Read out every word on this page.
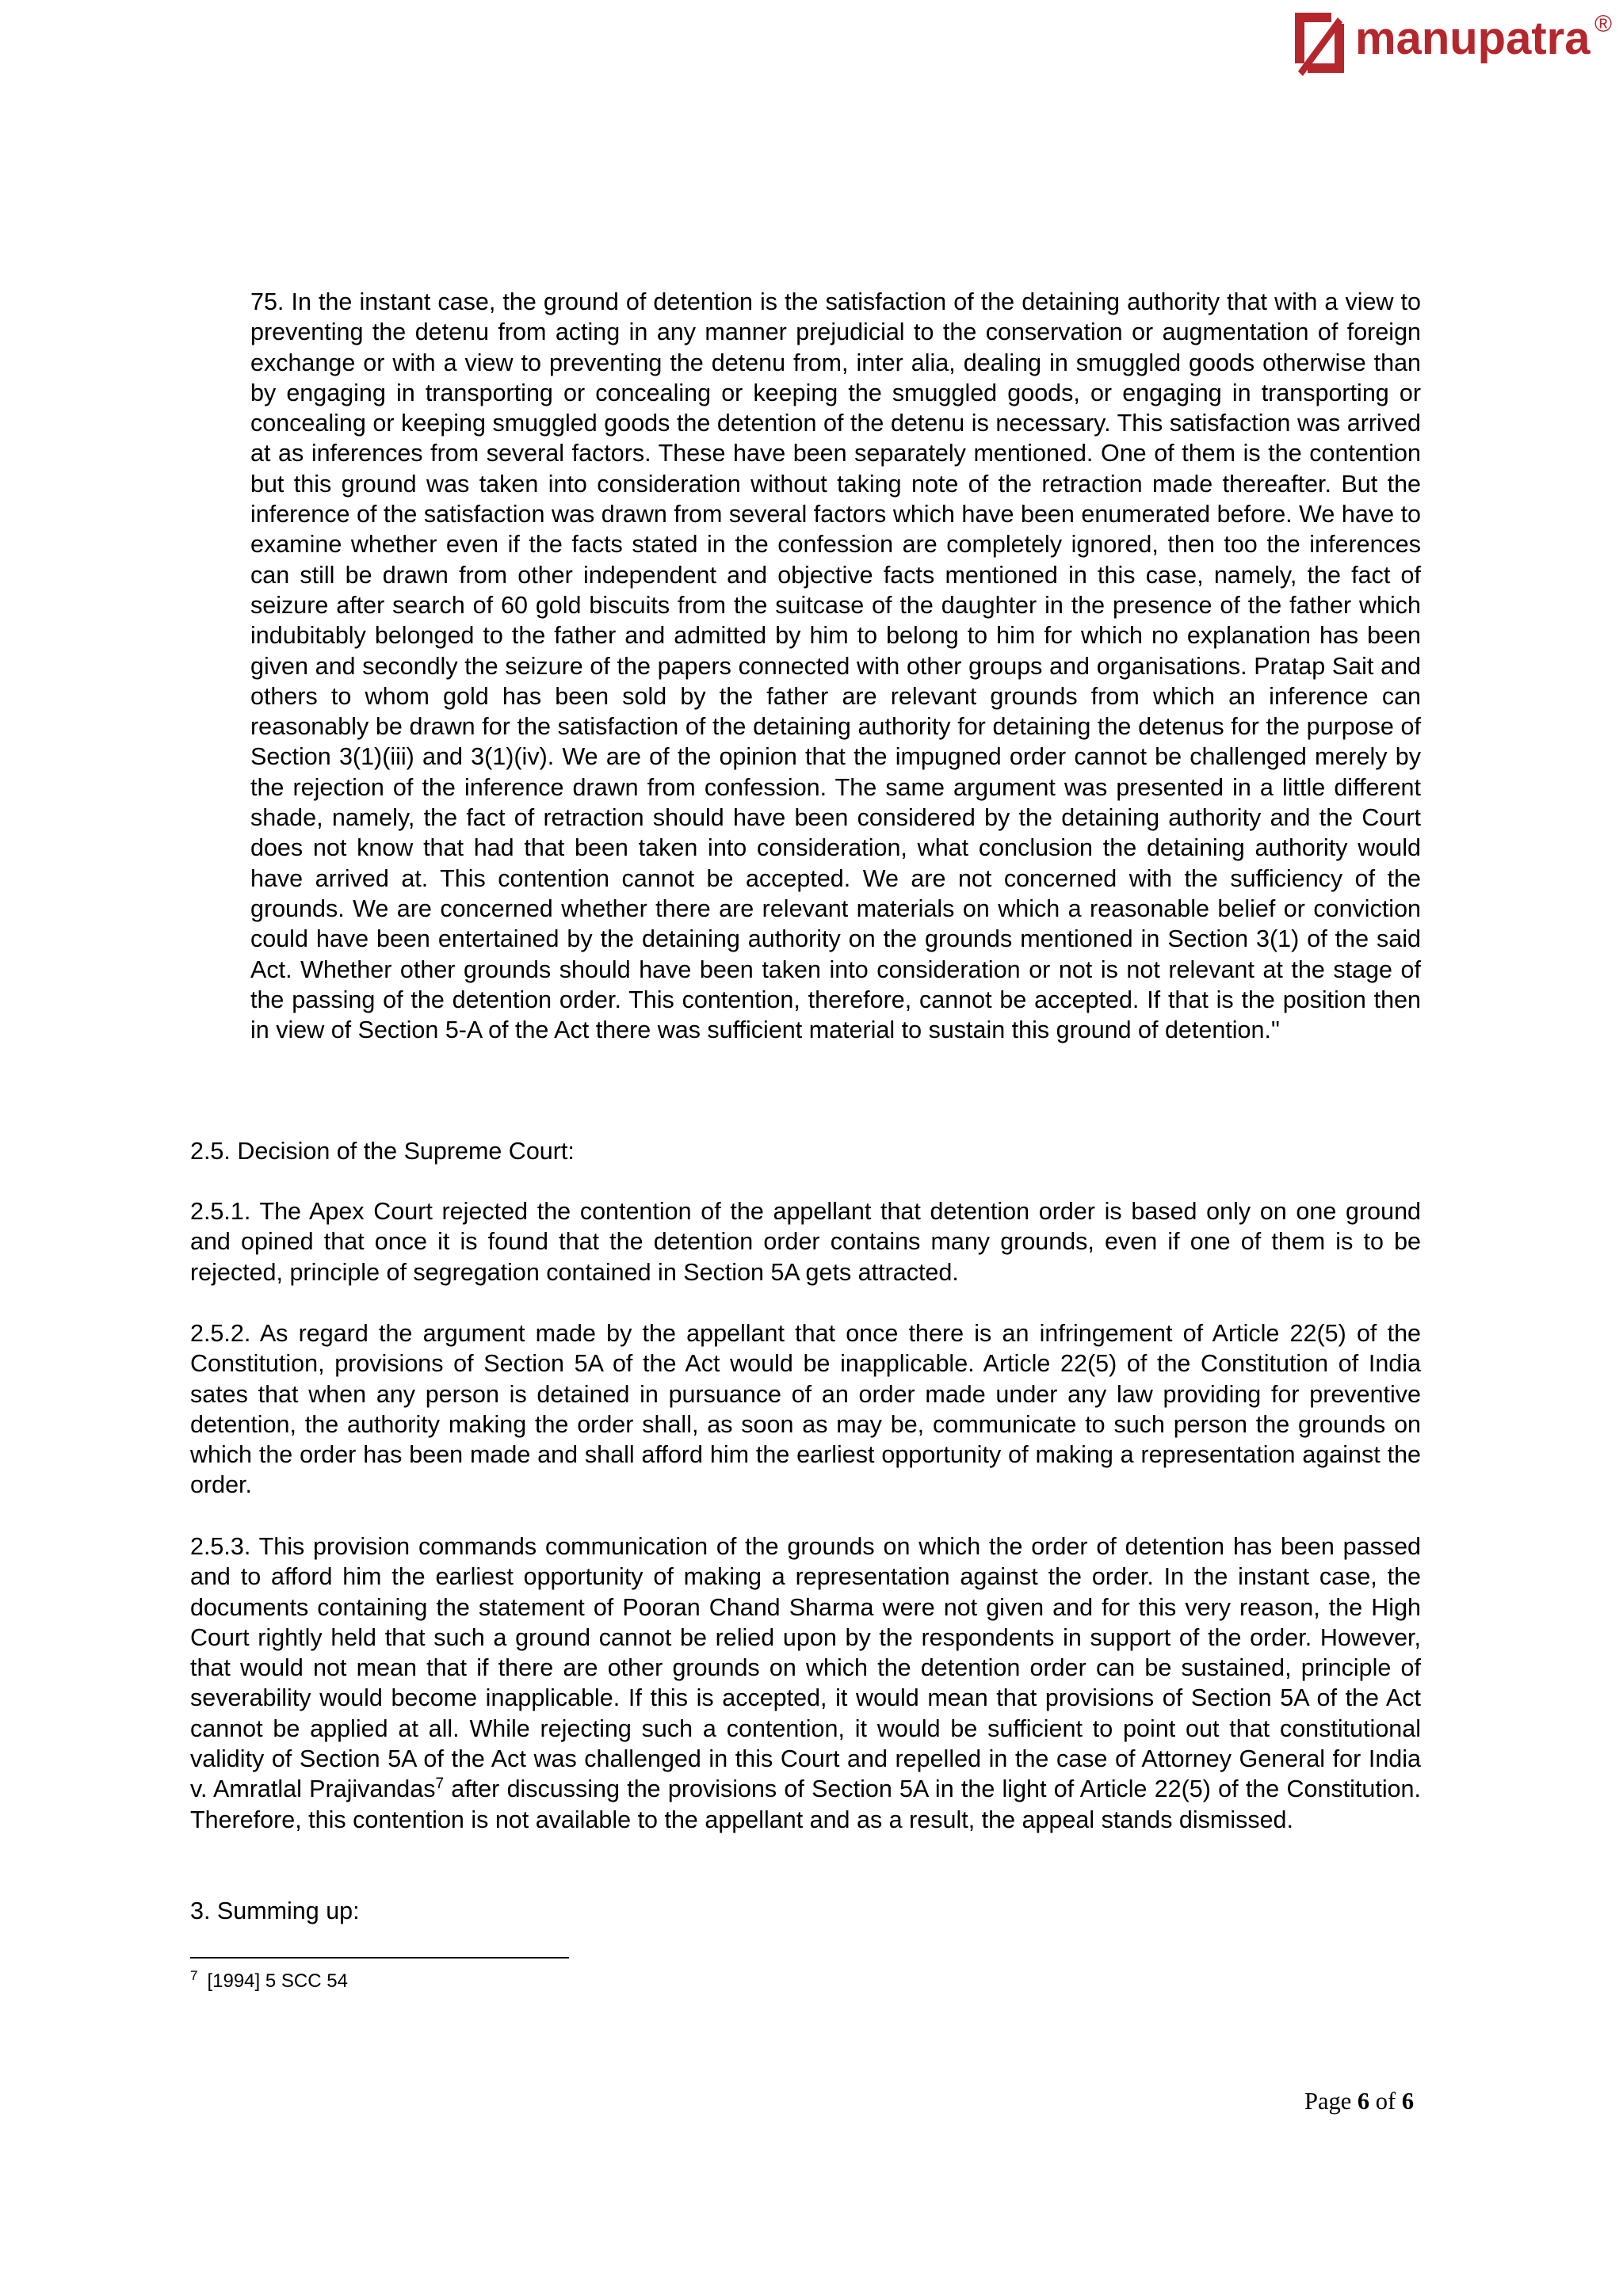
manupatra ®
75. In the instant case, the ground of detention is the satisfaction of the detaining authority that with a view to preventing the detenu from acting in any manner prejudicial to the conservation or augmentation of foreign exchange or with a view to preventing the detenu from, inter alia, dealing in smuggled goods otherwise than by engaging in transporting or concealing or keeping the smuggled goods, or engaging in transporting or concealing or keeping smuggled goods the detention of the detenu is necessary. This satisfaction was arrived at as inferences from several factors. These have been separately mentioned. One of them is the contention but this ground was taken into consideration without taking note of the retraction made thereafter. But the inference of the satisfaction was drawn from several factors which have been enumerated before. We have to examine whether even if the facts stated in the confession are completely ignored, then too the inferences can still be drawn from other independent and objective facts mentioned in this case, namely, the fact of seizure after search of 60 gold biscuits from the suitcase of the daughter in the presence of the father which indubitably belonged to the father and admitted by him to belong to him for which no explanation has been given and secondly the seizure of the papers connected with other groups and organisations. Pratap Sait and others to whom gold has been sold by the father are relevant grounds from which an inference can reasonably be drawn for the satisfaction of the detaining authority for detaining the detenus for the purpose of Section 3(1)(iii) and 3(1)(iv). We are of the opinion that the impugned order cannot be challenged merely by the rejection of the inference drawn from confession. The same argument was presented in a little different shade, namely, the fact of retraction should have been considered by the detaining authority and the Court does not know that had that been taken into consideration, what conclusion the detaining authority would have arrived at. This contention cannot be accepted. We are not concerned with the sufficiency of the grounds. We are concerned whether there are relevant materials on which a reasonable belief or conviction could have been entertained by the detaining authority on the grounds mentioned in Section 3(1) of the said Act. Whether other grounds should have been taken into consideration or not is not relevant at the stage of the passing of the detention order. This contention, therefore, cannot be accepted. If that is the position then in view of Section 5-A of the Act there was sufficient material to sustain this ground of detention."

2.5. Decision of the Supreme Court:

2.5.1. The Apex Court rejected the contention of the appellant that detention order is based only on one ground and opined that once it is found that the detention order contains many grounds, even if one of them is to be rejected, principle of segregation contained in Section 5A gets attracted.

2.5.2. As regard the argument made by the appellant that once there is an infringement of Article 22(5) of the Constitution, provisions of Section 5A of the Act would be inapplicable. Article 22(5) of the Constitution of India sates that when any person is detained in pursuance of an order made under any law providing for preventive detention, the authority making the order shall, as soon as may be, communicate to such person the grounds on which the order has been made and shall afford him the earliest opportunity of making a representation against the order.

2.5.3. This provision commands communication of the grounds on which the order of detention has been passed and to afford him the earliest opportunity of making a representation against the order. In the instant case, the documents containing the statement of Pooran Chand Sharma were not given and for this very reason, the High Court rightly held that such a ground cannot be relied upon by the respondents in support of the order. However, that would not mean that if there are other grounds on which the detention order can be sustained, principle of severability would become inapplicable. If this is accepted, it would mean that provisions of Section 5A of the Act cannot be applied at all. While rejecting such a contention, it would be sufficient to point out that constitutional validity of Section 5A of the Act was challenged in this Court and repelled in the case of Attorney General for India v. Amratlal Prajivandas$^7$ after discussing the provisions of Section 5A in the light of Article 22(5) of the Constitution. Therefore, this contention is not available to the appellant and as a result, the appeal stands dismissed.

3. Summing up:

$^7$ [1994] 5 SCC 54
Page 6 of 6
